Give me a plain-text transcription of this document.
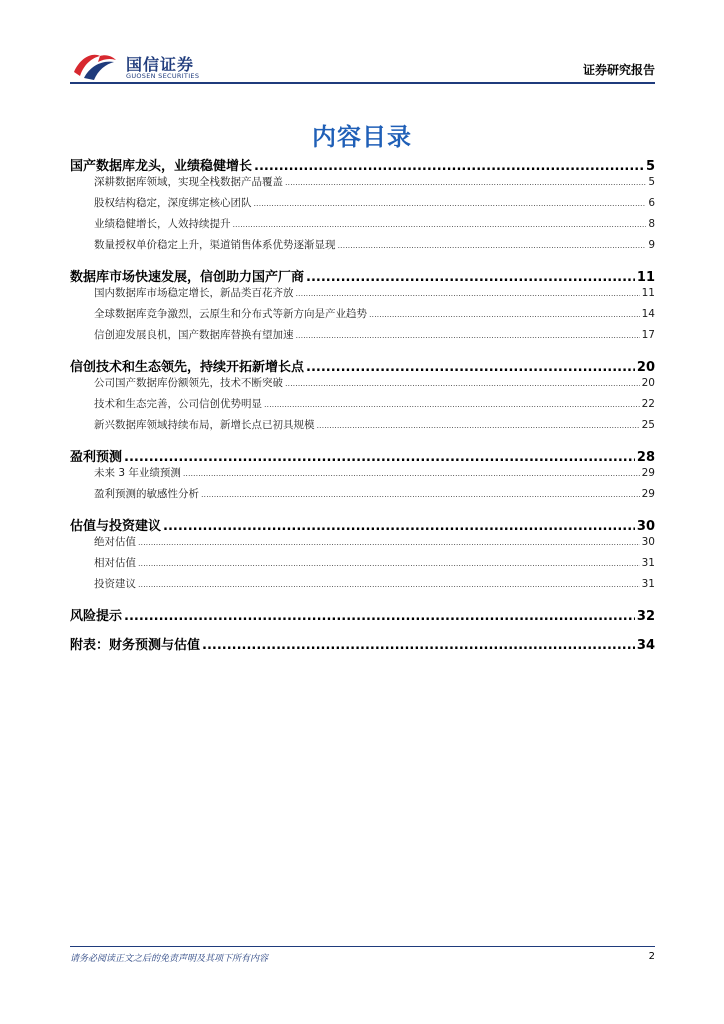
国信证券
GUOSEN SECURITIES	证券研究报告
内容目录
国产数据库龙头，业绩稳健增长 .....	5
深耕数据库领域，实现全栈数据产品覆盖 .....	5
股权结构稳定，深度绑定核心团队 .....	6
业绩稳健增长，人效持续提升 .....	8
数量授权单价稳定上升，渠道销售体系优势逐渐显现 .....	9
数据库市场快速发展，信创助力国产厂商 .....	11
国内数据库市场稳定增长，新品类百花齐放 .....	11
全球数据库竞争激烈，云原生和分布式等新方向是产业趋势 .....	14
信创迎发展良机，国产数据库替换有望加速 .....	17
信创技术和生态领先，持续开拓新增长点 .....	20
公司国产数据库份额领先，技术不断突破 .....	20
技术和生态完善，公司信创优势明显 .....	22
新兴数据库领域持续布局，新增长点已初具规模 .....	25
盈利预测 .....	28
未来 3 年业绩预测 .....	29
盈利预测的敏感性分析 .....	29
估值与投资建议 .....	30
绝对估值 .....	30
相对估值 .....	31
投资建议 .....	31
风险提示 .....	32
附表：财务预测与估值 .....	34
请务必阅读正文之后的免责声明及其项下所有内容	2
